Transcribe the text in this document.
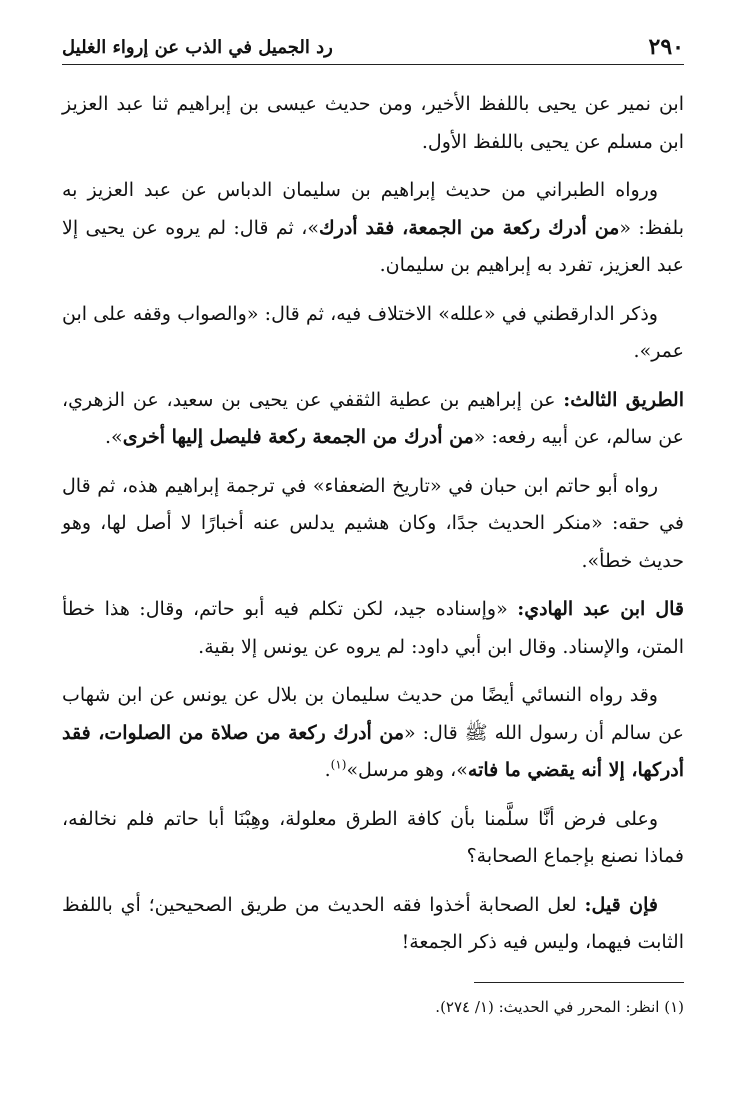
٢٩٠
رد الجميل في الذب عن إرواء الغليل

ابن نمير عن يحيى باللفظ الأخير، ومن حديث عيسى بن إبراهيم ثنا عبد العزيز ابن مسلم عن يحيى باللفظ الأول.

ورواه الطبراني من حديث إبراهيم بن سليمان الدباس عن عبد العزيز به بلفظ: «من أدرك ركعة من الجمعة، فقد أدرك»، ثم قال: لم يروه عن يحيى إلا عبد العزيز، تفرد به إبراهيم بن سليمان.

وذكر الدارقطني في «علله» الاختلاف فيه، ثم قال: «والصواب وقفه على ابن عمر».

الطريق الثالث: عن إبراهيم بن عطية الثقفي عن يحيى بن سعيد، عن الزهري، عن سالم، عن أبيه رفعه: «من أدرك من الجمعة ركعة فليصل إليها أخرى».

رواه أبو حاتم ابن حبان في «تاريخ الضعفاء» في ترجمة إبراهيم هذه، ثم قال في حقه: «منكر الحديث جدًا، وكان هشيم يدلس عنه أخبارًا لا أصل لها، وهو حديث خطأ».

قال ابن عبد الهادي: «وإسناده جيد، لكن تكلم فيه أبو حاتم، وقال: هذا خطأ المتن، والإسناد. وقال ابن أبي داود: لم يروه عن يونس إلا بقية.

وقد رواه النسائي أيضًا من حديث سليمان بن بلال عن يونس عن ابن شهاب عن سالم أن رسول الله ﷺ قال: «من أدرك ركعة من صلاة من الصلوات، فقد أدركها، إلا أنه يقضي ما فاته»، وهو مرسل»$^{(١)}$.

وعلى فرض أنَّا سلَّمنا بأن كافة الطرق معلولة، وهِبْنَا أبا حاتم فلم نخالفه، فماذا نصنع بإجماع الصحابة؟

فإن قيل: لعل الصحابة أخذوا فقه الحديث من طريق الصحيحين؛ أي باللفظ الثابت فيهما، وليس فيه ذكر الجمعة!

(١) انظر: المحرر في الحديث: (١/ ٢٧٤).
